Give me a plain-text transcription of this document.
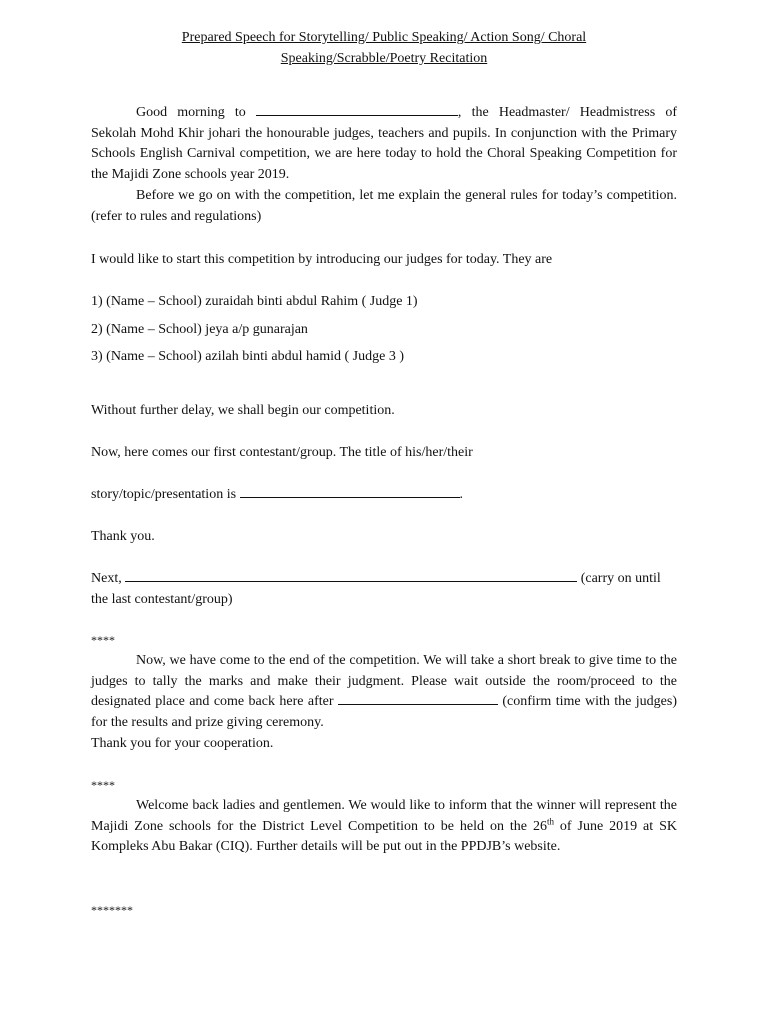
Prepared Speech for Storytelling/ Public Speaking/ Action Song/ Choral
Speaking/Scrabble/Poetry Recitation
Good morning to	, the Headmaster/ Headmistress of Sekolah Mohd Khir johari the honourable judges, teachers and pupils. In conjunction with the Primary Schools English Carnival competition, we are here today to hold the Choral Speaking Competition for the Majidi Zone schools year 2019.
Before we go on with the competition, let me explain the general rules for today’s competition. (refer to rules and regulations)
I would like to start this competition by introducing our judges for today. They are
1) (Name – School) zuraidah binti abdul Rahim ( Judge 1)
2) (Name – School) jeya a/p gunarajan
3) (Name – School) azilah binti abdul hamid ( Judge 3 )
Without further delay, we shall begin our competition.
Now, here comes our first contestant/group. The title of his/her/their
story/topic/presentation is	.
Thank you.
Next,	(carry on until
the last contestant/group)
****
Now, we have come to the end of the competition. We will take a short break to give time to the judges to tally the marks and make their judgment. Please wait outside the room/proceed to the designated place and come back here after	(confirm time with the judges) for the results and prize giving ceremony.
Thank you for your cooperation.
****
Welcome back ladies and gentlemen. We would like to inform that the winner will represent the Majidi Zone schools for the District Level Competition to be held on the 26th of June 2019 at SK Kompleks Abu Bakar (CIQ). Further details will be put out in the PPDJB’s website.
*******
